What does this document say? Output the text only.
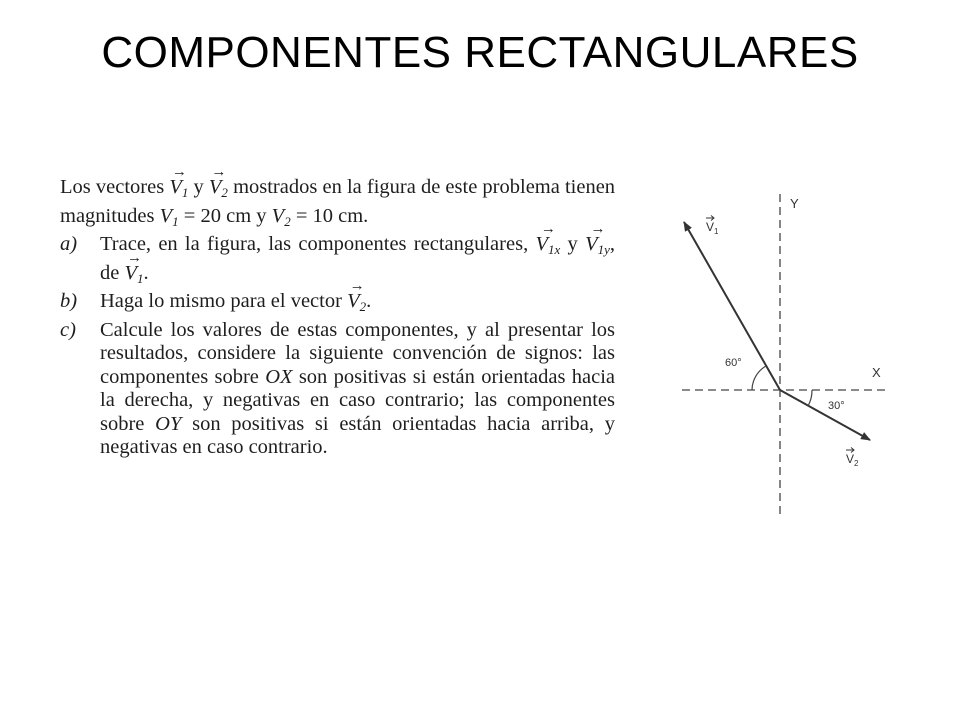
COMPONENTES RECTANGULARES

Los vectores → $V_1$ $y \to V_2$ mostrados en la figura de este problema tienen magnitudes $V_1 = 20$ cm y $V_2 = 10$ cm.

a) Trace, en la figura, las componentes rectangulares, → $V_{1x}$ $y \to V_{1y}$, de → $V_1$.
b) Haga lo mismo para el vector → $V_2$.
c) Calcule los valores de estas componentes, y al presentar los resultados, considere la siguiente convención de signos: las componentes sobre OX son positivas si están orientadas hacia la derecha, y negativas en caso contrario; las componentes sobre OY son positivas si están orientadas hacia arriba, y negativas en caso contrario.
Y
X
60°
30°
$V_1$
$V_2$
